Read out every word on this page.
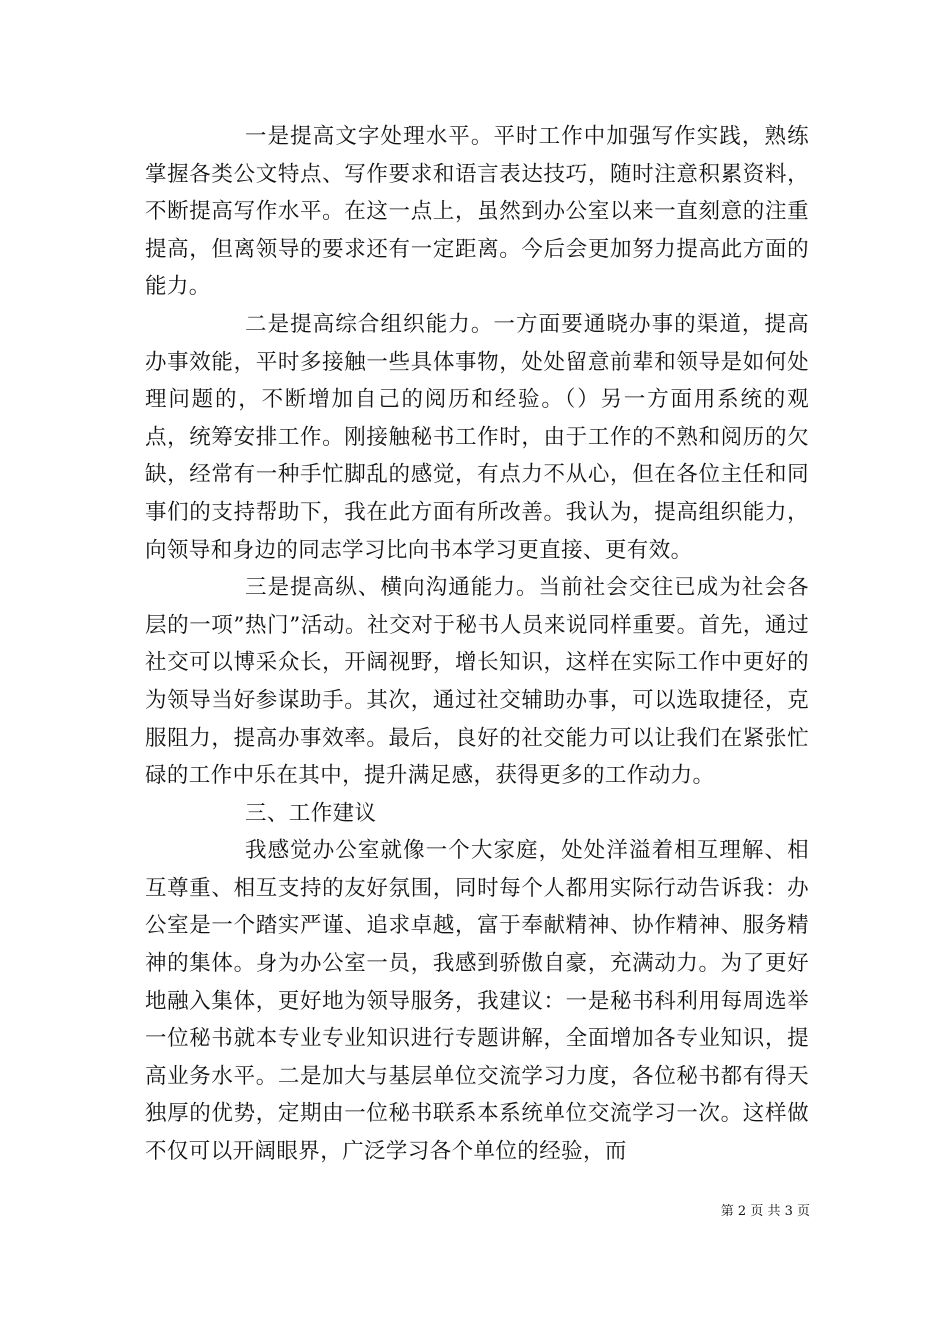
一是提高文字处理水平。平时工作中加强写作实践，熟练掌握各类公文特点、写作要求和语言表达技巧，随时注意积累资料，不断提高写作水平。在这一点上，虽然到办公室以来一直刻意的注重提高，但离领导的要求还有一定距离。今后会更加努力提高此方面的能力。

二是提高综合组织能力。一方面要通晓办事的渠道，提高办事效能，平时多接触一些具体事物，处处留意前辈和领导是如何处理问题的，不断增加自己的阅历和经验。（）另一方面用系统的观点，统筹安排工作。刚接触秘书工作时，由于工作的不熟和阅历的欠缺，经常有一种手忙脚乱的感觉，有点力不从心，但在各位主任和同事们的支持帮助下，我在此方面有所改善。我认为，提高组织能力，向领导和身边的同志学习比向书本学习更直接、更有效。

三是提高纵、横向沟通能力。当前社会交往已成为社会各层的一项”热门”活动。社交对于秘书人员来说同样重要。首先，通过社交可以博采众长，开阔视野，增长知识，这样在实际工作中更好的为领导当好参谋助手。其次，通过社交辅助办事，可以选取捷径，克服阻力，提高办事效率。最后，良好的社交能力可以让我们在紧张忙碌的工作中乐在其中，提升满足感，获得更多的工作动力。

三、工作建议

我感觉办公室就像一个大家庭，处处洋溢着相互理解、相互尊重、相互支持的友好氛围，同时每个人都用实际行动告诉我：办公室是一个踏实严谨、追求卓越，富于奉献精神、协作精神、服务精神的集体。身为办公室一员，我感到骄傲自豪，充满动力。为了更好地融入集体，更好地为领导服务，我建议：一是秘书科利用每周选举一位秘书就本专业专业知识进行专题讲解，全面增加各专业知识，提高业务水平。二是加大与基层单位交流学习力度，各位秘书都有得天独厚的优势，定期由一位秘书联系本系统单位交流学习一次。这样做不仅可以开阔眼界，广泛学习各个单位的经验，而

第 2 页 共 3 页
